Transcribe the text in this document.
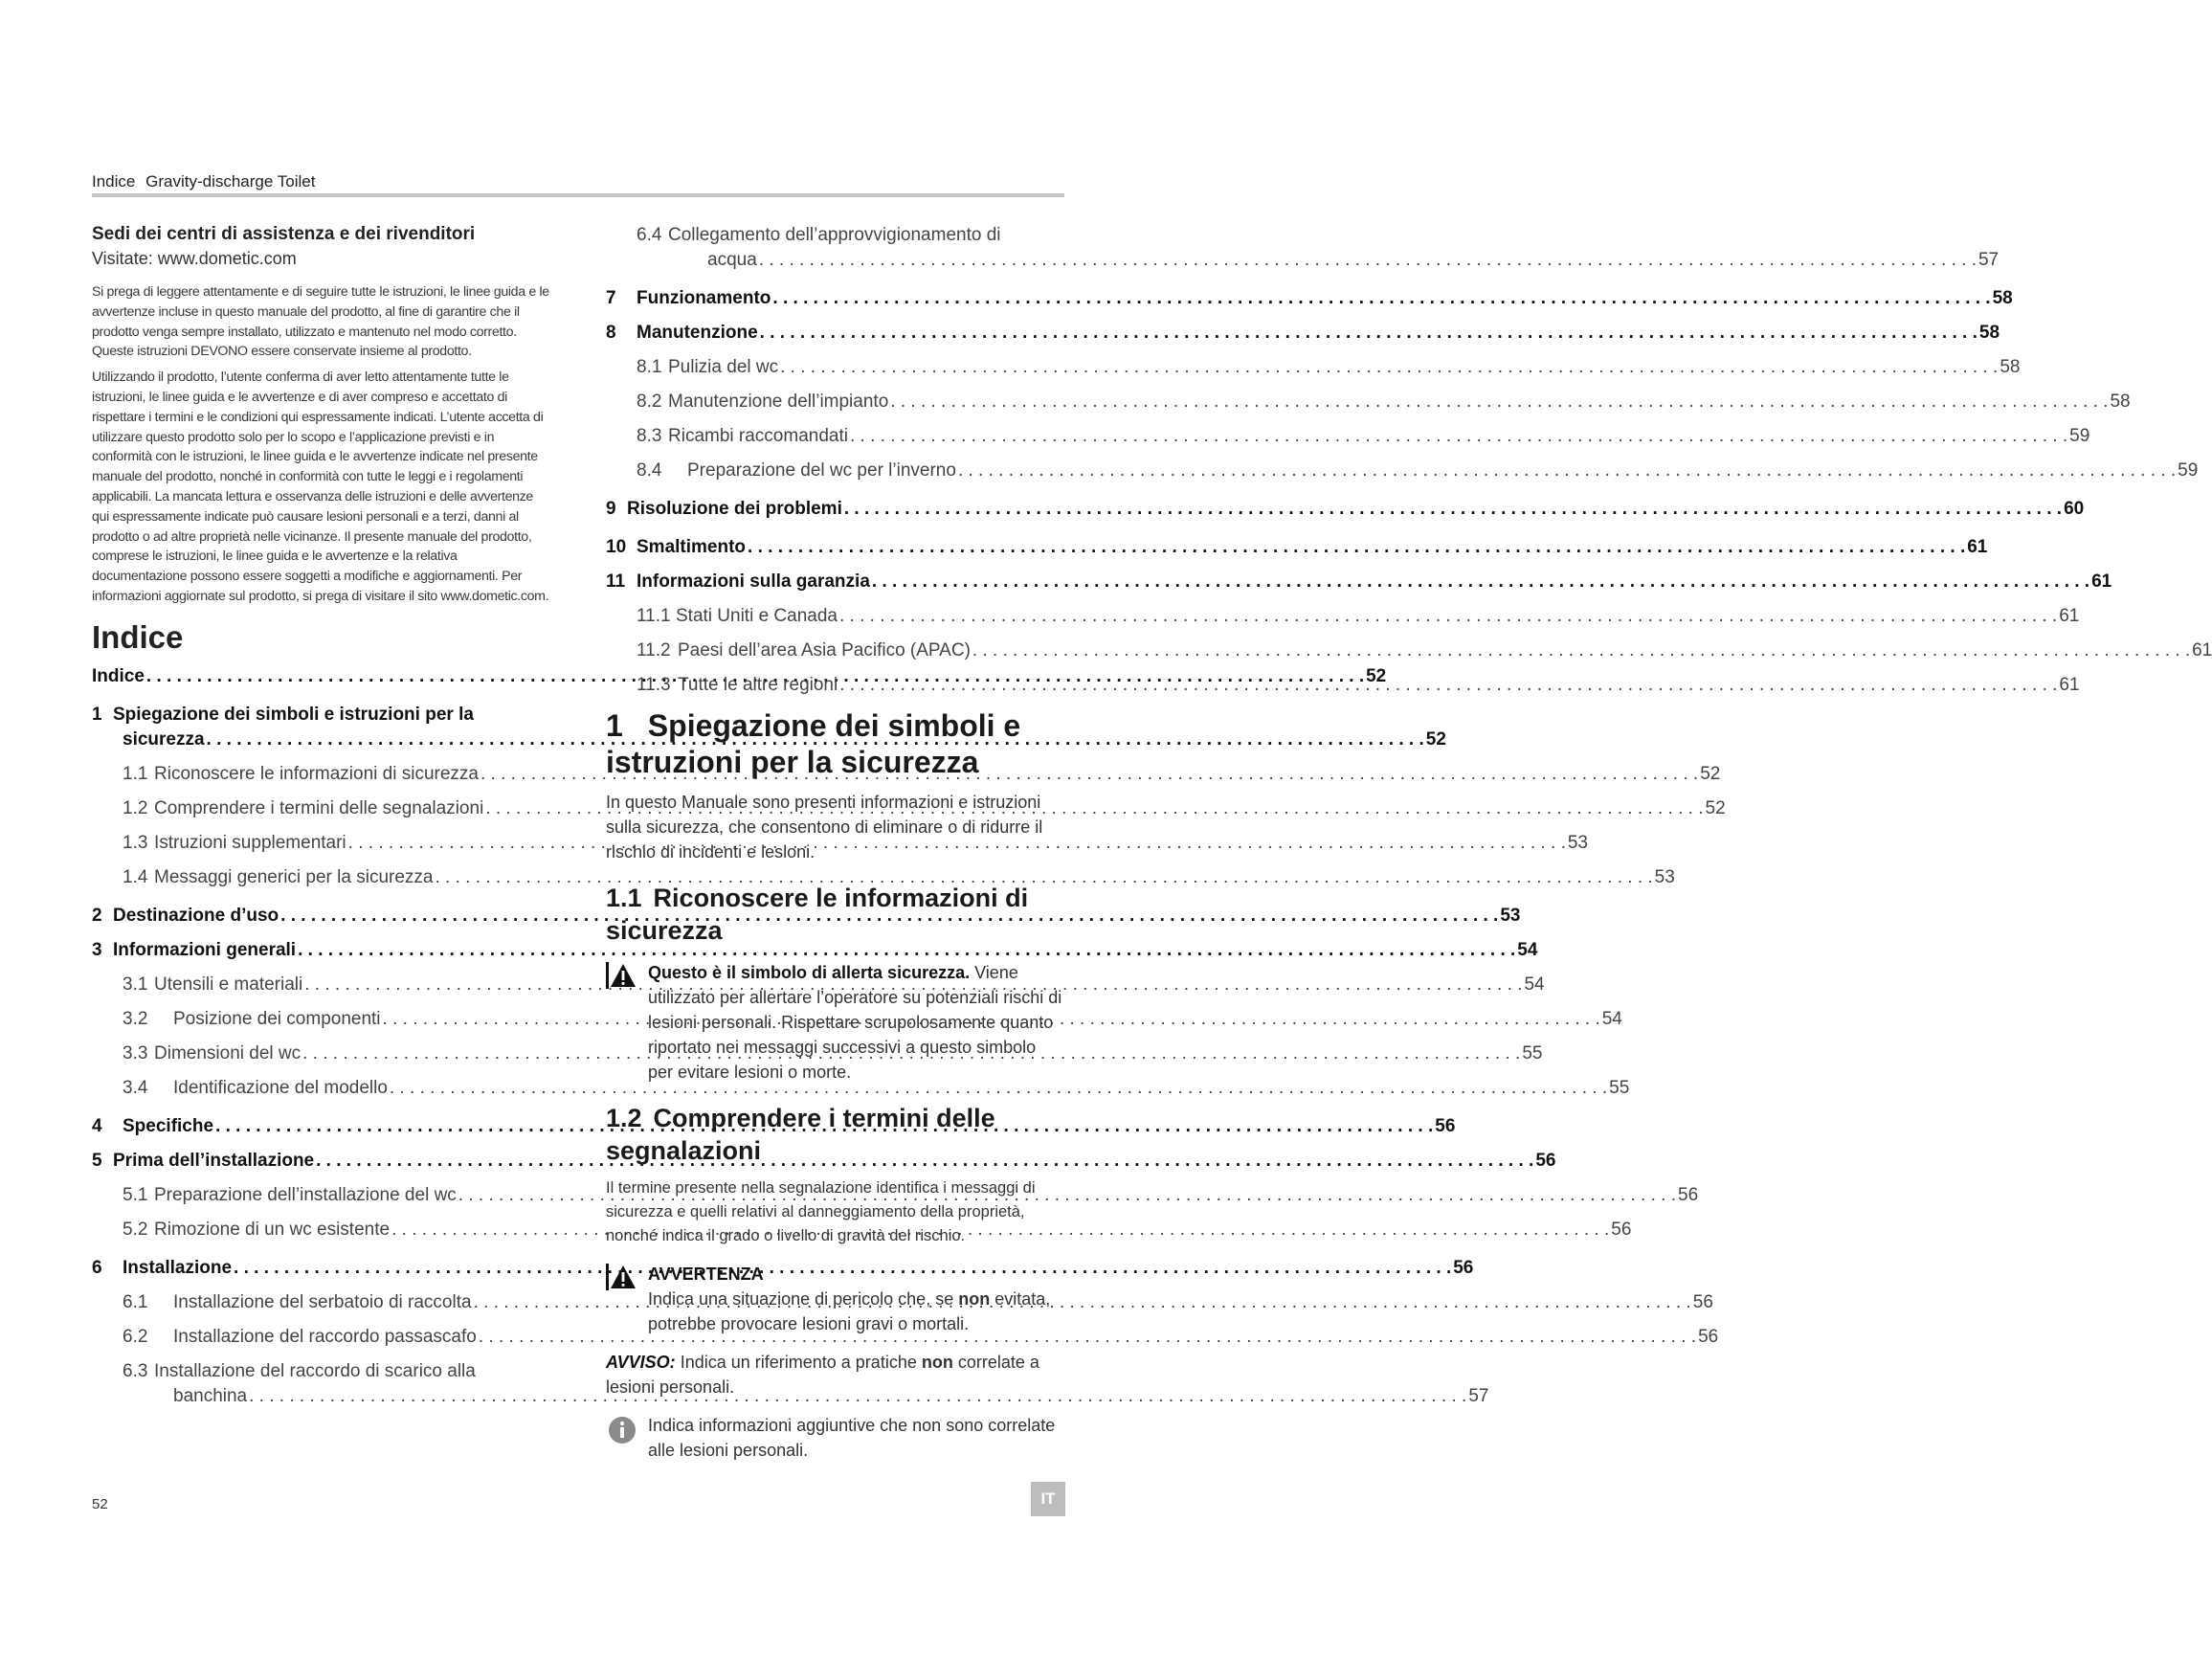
Indice Gravity-discharge Toilet
Sedi dei centri di assistenza e dei rivenditori
Visitate: www.dometic.com

Si prega di leggere attentamente e di seguire tutte le istruzioni, le linee guida e le avvertenze incluse in questo manuale del prodotto, al fine di garantire che il prodotto venga sempre installato, utilizzato e mantenuto nel modo corretto. Queste istruzioni DEVONO essere conservate insieme al prodotto.

Utilizzando il prodotto, l’utente conferma di aver letto attentamente tutte le istruzioni, le linee guida e le avvertenze e di aver compreso e accettato di rispettare i termini e le condizioni qui espressamente indicati. L’utente accetta di utilizzare questo prodotto solo per lo scopo e l’applicazione previsti e in conformità con le istruzioni, le linee guida e le avvertenze indicate nel presente manuale del prodotto, nonché in conformità con tutte le leggi e i regolamenti applicabili. La mancata lettura e osservanza delle istruzioni e delle avvertenze qui espressamente indicate può causare lesioni personali e a terzi, danni al prodotto o ad altre proprietà nelle vicinanze. Il presente manuale del prodotto, comprese le istruzioni, le linee guida e le avvertenze e la relativa documentazione possono essere soggetti a modifiche e aggiornamenti. Per informazioni aggiornate sul prodotto, si prega di visitare il sito www.dometic.com.

Indice
Indice . . .	52
1 Spiegazione dei simboli e istruzioni per la
sicurezza . . .	52
1.1 Riconoscere le informazioni di sicurezza . . .	52
1.2 Comprendere i termini delle segnalazioni . . .	52
1.3 Istruzioni supplementari . . .	53
1.4 Messaggi generici per la sicurezza . . .	53
2 Destinazione d’uso . . .	53
3 Informazioni generali . . .	54
3.1 Utensili e materiali . . .	54
3.2	Posizione dei componenti . . .	54
3.3 Dimensioni del wc . . .	55
3.4	Identificazione del modello . . .	55
4	Specifiche . . .	56
5 Prima dell’installazione . . .	56
5.1 Preparazione dell’installazione del wc . . .	56
5.2 Rimozione di un wc esistente . . .	56
6	Installazione . . .	56
6.1	Installazione del serbatoio di raccolta . . .	56
6.2	Installazione del raccordo passascafo . . .	56
6.3 Installazione del raccordo di scarico alla
banchina . . .	57
6.4 Collegamento dell’approvvigionamento di
acqua . . .	57
7	Funzionamento . . .	58
8	Manutenzione . . .	58
8.1 Pulizia del wc . . .	58
8.2 Manutenzione dell’impianto . . .	58
8.3 Ricambi raccomandati . . .	59
8.4	Preparazione del wc per l’inverno . . .	59
9 Risoluzione dei problemi . . .	60
10 Smaltimento . . .	61
11 Informazioni sulla garanzia . . .	61
11.1 Stati Uniti e Canada . . .	61
11.2 Paesi dell’area Asia Pacifico (APAC) . . .	61
11.3 Tutte le altre regioni . . .	61
1 Spiegazione dei simboli e istruzioni per la sicurezza

In questo Manuale sono presenti informazioni e istruzioni sulla sicurezza, che consentono di eliminare o di ridurre il rischio di incidenti e lesioni.

1.1 Riconoscere le informazioni di sicurezza
Questo è il simbolo di allerta sicurezza. Viene utilizzato per allertare l’operatore su potenziali rischi di lesioni personali. Rispettare scrupolosamente quanto riportato nei messaggi successivi a questo simbolo per evitare lesioni o morte.
1.2 Comprendere i termini delle segnalazioni

Il termine presente nella segnalazione identifica i messaggi di sicurezza e quelli relativi al danneggiamento della proprietà, nonché indica il grado o livello di gravità del rischio.

AVVERTENZA
Indica una situazione di pericolo che, se non evitata, potrebbe provocare lesioni gravi o mortali.

AVVISO: Indica un riferimento a pratiche non correlate a lesioni personali.

Indica informazioni aggiuntive che non sono correlate alle lesioni personali.
52	IT
